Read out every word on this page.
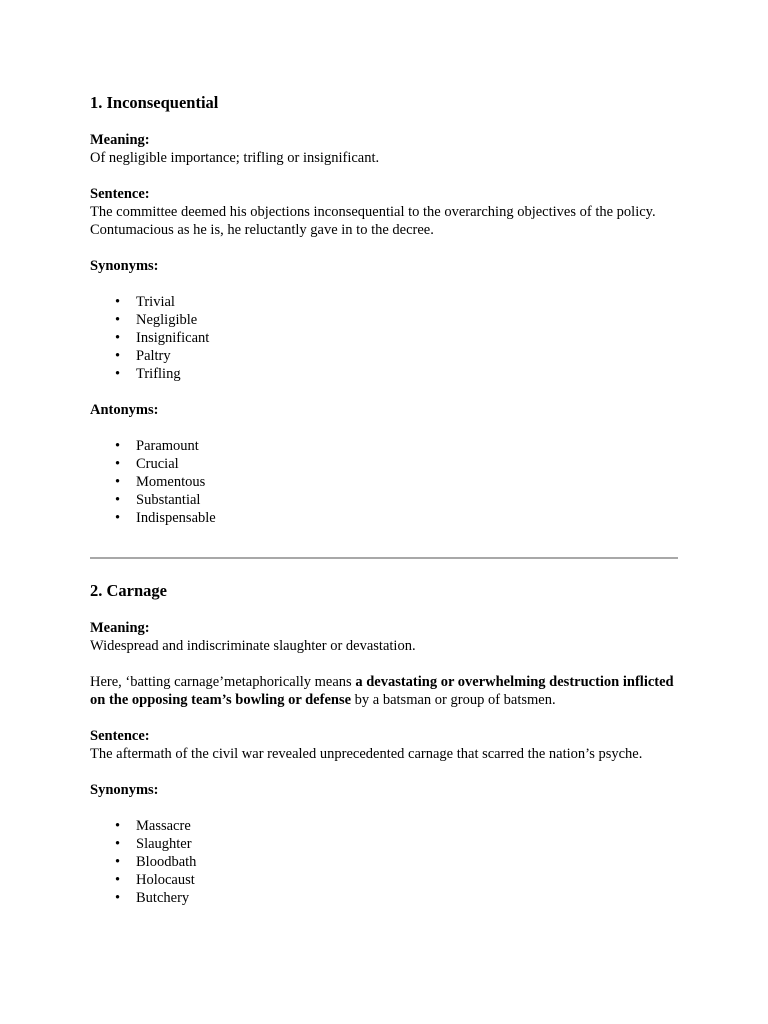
1. Inconsequential
Meaning:
Of negligible importance; trifling or insignificant.
Sentence:
The committee deemed his objections inconsequential to the overarching objectives of the policy. Contumacious as he is, he reluctantly gave in to the decree.
Synonyms:
• Trivial
• Negligible
• Insignificant
• Paltry
• Trifling
Antonyms:
• Paramount
• Crucial
• Momentous
• Substantial
• Indispensable
2. Carnage
Meaning:
Widespread and indiscriminate slaughter or devastation.

Here, ‘batting carnage’metaphorically means a devastating or overwhelming destruction inflicted on the opposing team’s bowling or defense by a batsman or group of batsmen.

Sentence:
The aftermath of the civil war revealed unprecedented carnage that scarred the nation’s psyche.
Synonyms:
• Massacre
• Slaughter
• Bloodbath
• Holocaust
• Butchery
